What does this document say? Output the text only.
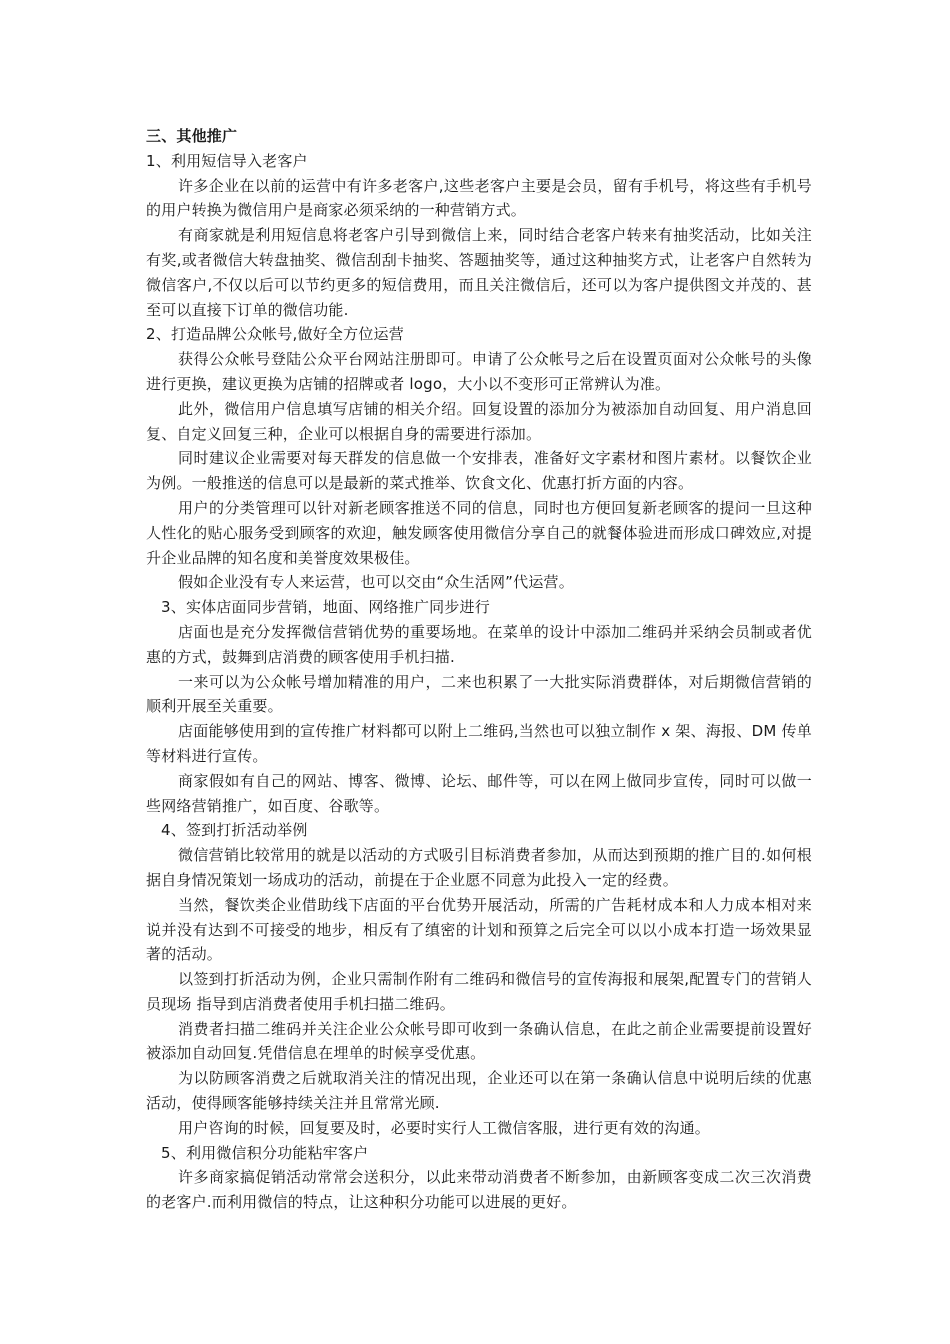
三、其他推广

1、利用短信导入老客户

许多企业在以前的运营中有许多老客户,这些老客户主要是会员，留有手机号，将这些有手机号的用户转换为微信用户是商家必须采纳的一种营销方式。

有商家就是利用短信息将老客户引导到微信上来，同时结合老客户转来有抽奖活动，比如关注有奖,或者微信大转盘抽奖、微信刮刮卡抽奖、答题抽奖等，通过这种抽奖方式，让老客户自然转为微信客户,不仅以后可以节约更多的短信费用，而且关注微信后，还可以为客户提供图文并茂的、甚至可以直接下订单的微信功能.

2、打造品牌公众帐号,做好全方位运营

获得公众帐号登陆公众平台网站注册即可。申请了公众帐号之后在设置页面对公众帐号的头像进行更换，建议更换为店铺的招牌或者 logo，大小以不变形可正常辨认为准。

此外，微信用户信息填写店铺的相关介绍。回复设置的添加分为被添加自动回复、用户消息回复、自定义回复三种，企业可以根据自身的需要进行添加。

同时建议企业需要对每天群发的信息做一个安排表，准备好文字素材和图片素材。以餐饮企业为例。一般推送的信息可以是最新的菜式推举、饮食文化、优惠打折方面的内容。

用户的分类管理可以针对新老顾客推送不同的信息，同时也方便回复新老顾客的提问一旦这种人性化的贴心服务受到顾客的欢迎，触发顾客使用微信分享自己的就餐体验进而形成口碑效应,对提升企业品牌的知名度和美誉度效果极佳。

假如企业没有专人来运营，也可以交由“众生活网”代运营。

3、实体店面同步营销，地面、网络推广同步进行

店面也是充分发挥微信营销优势的重要场地。在菜单的设计中添加二维码并采纳会员制或者优惠的方式，鼓舞到店消费的顾客使用手机扫描.

一来可以为公众帐号增加精准的用户，二来也积累了一大批实际消费群体，对后期微信营销的顺利开展至关重要。

店面能够使用到的宣传推广材料都可以附上二维码,当然也可以独立制作 x 架、海报、DM 传单等材料进行宣传。

商家假如有自己的网站、博客、微博、论坛、邮件等，可以在网上做同步宣传，同时可以做一些网络营销推广，如百度、谷歌等。

4、签到打折活动举例

微信营销比较常用的就是以活动的方式吸引目标消费者参加，从而达到预期的推广目的.如何根据自身情况策划一场成功的活动，前提在于企业愿不同意为此投入一定的经费。

当然，餐饮类企业借助线下店面的平台优势开展活动，所需的广告耗材成本和人力成本相对来说并没有达到不可接受的地步，相反有了缜密的计划和预算之后完全可以以小成本打造一场效果显著的活动。

以签到打折活动为例，企业只需制作附有二维码和微信号的宣传海报和展架,配置专门的营销人员现场 指导到店消费者使用手机扫描二维码。

消费者扫描二维码并关注企业公众帐号即可收到一条确认信息，在此之前企业需要提前设置好被添加自动回复.凭借信息在埋单的时候享受优惠。

为以防顾客消费之后就取消关注的情况出现，企业还可以在第一条确认信息中说明后续的优惠活动，使得顾客能够持续关注并且常常光顾.

用户咨询的时候，回复要及时，必要时实行人工微信客服，进行更有效的沟通。

5、利用微信积分功能粘牢客户

许多商家搞促销活动常常会送积分，以此来带动消费者不断参加，由新顾客变成二次三次消费的老客户.而利用微信的特点，让这种积分功能可以进展的更好。
